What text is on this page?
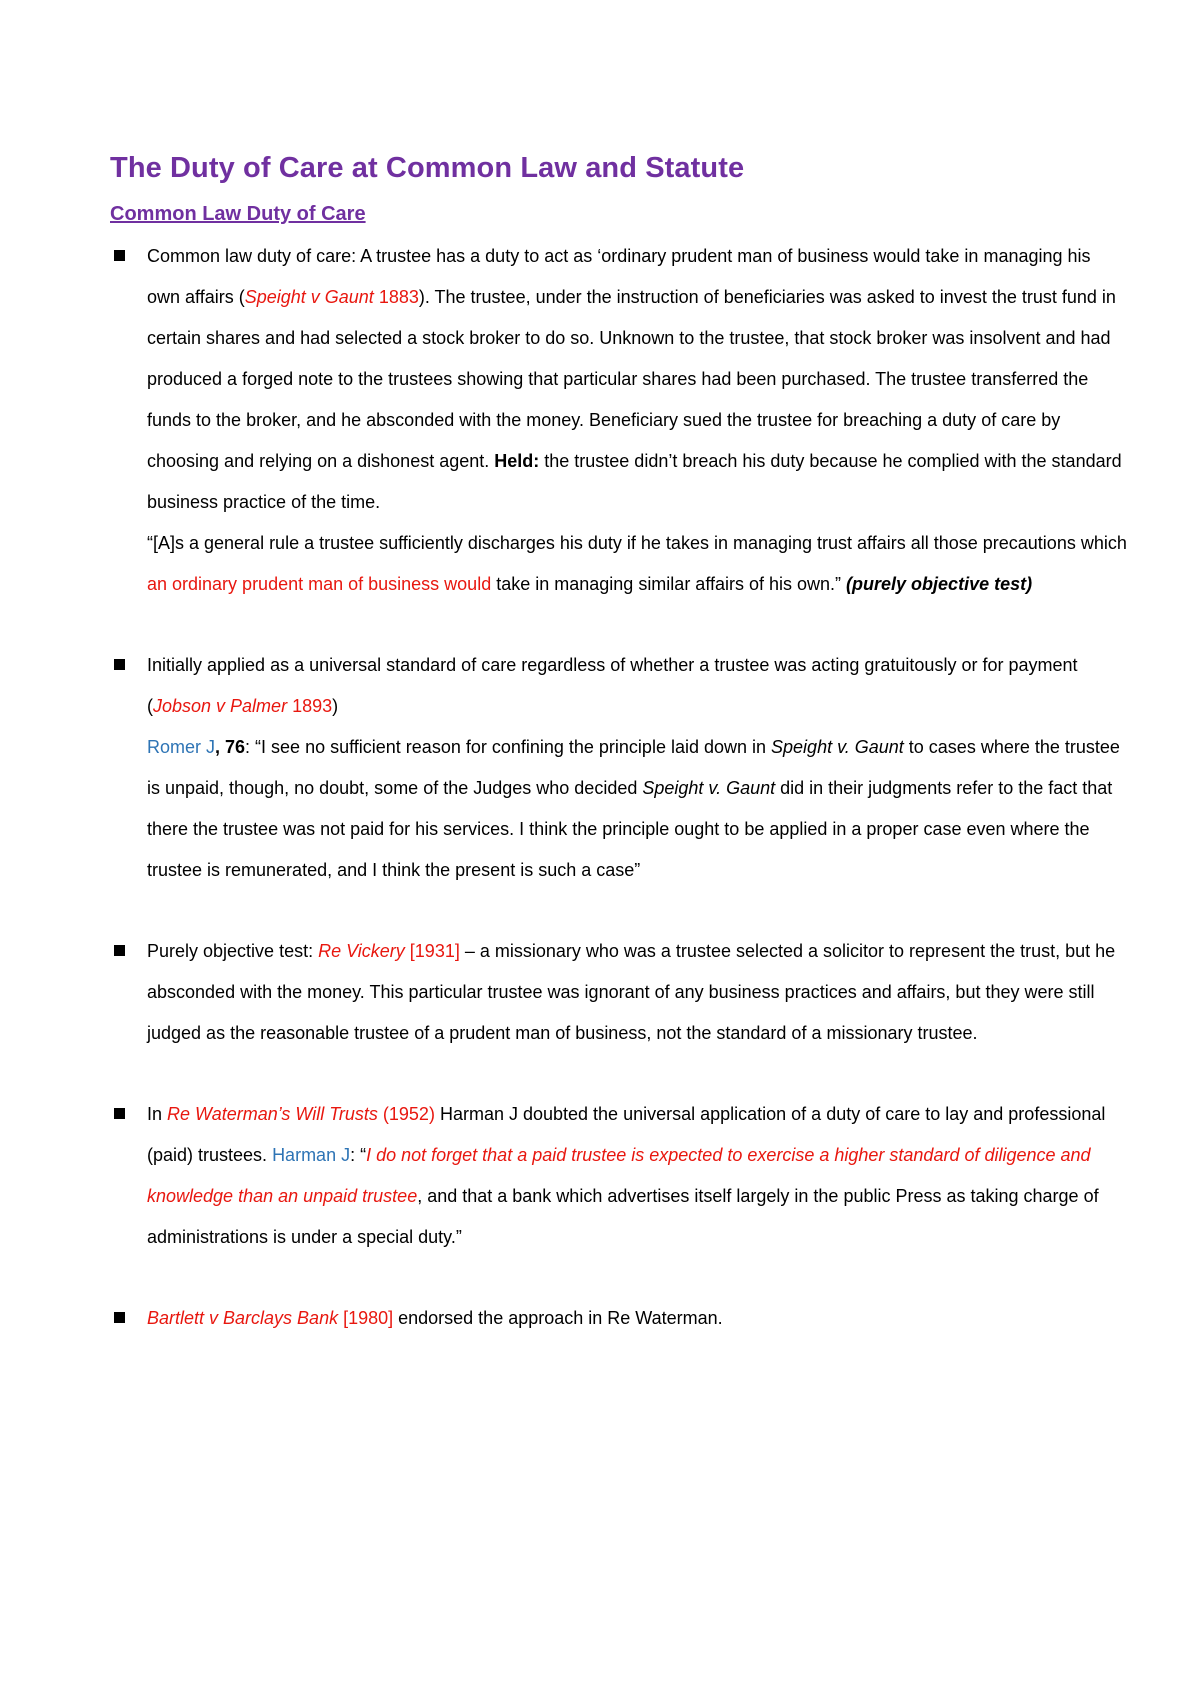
The Duty of Care at Common Law and Statute
Common Law Duty of Care

Common law duty of care: A trustee has a duty to act as ‘ordinary prudent man of business would take in managing his own affairs (Speight v Gaunt 1883). The trustee, under the instruction of beneficiaries was asked to invest the trust fund in certain shares and had selected a stock broker to do so. Unknown to the trustee, that stock broker was insolvent and had produced a forged note to the trustees showing that particular shares had been purchased. The trustee transferred the funds to the broker, and he absconded with the money. Beneficiary sued the trustee for breaching a duty of care by choosing and relying on a dishonest agent. Held: the trustee didn’t breach his duty because he complied with the standard business practice of the time.

“[A]s a general rule a trustee sufficiently discharges his duty if he takes in managing trust affairs all those precautions which an ordinary prudent man of business would take in managing similar affairs of his own.” (purely objective test)

Initially applied as a universal standard of care regardless of whether a trustee was acting gratuitously or for payment (Jobson v Palmer 1893)

Romer J, 76: “I see no sufficient reason for confining the principle laid down in Speight v. Gaunt to cases where the trustee is unpaid, though, no doubt, some of the Judges who decided Speight v. Gaunt did in their judgments refer to the fact that there the trustee was not paid for his services. I think the principle ought to be applied in a proper case even where the trustee is remunerated, and I think the present is such a case”

Purely objective test: Re Vickery [1931] – a missionary who was a trustee selected a solicitor to represent the trust, but he absconded with the money. This particular trustee was ignorant of any business practices and affairs, but they were still judged as the reasonable trustee of a prudent man of business, not the standard of a missionary trustee.

In Re Waterman’s Will Trusts (1952) Harman J doubted the universal application of a duty of care to lay and professional (paid) trustees. Harman J: “I do not forget that a paid trustee is expected to exercise a higher standard of diligence and knowledge than an unpaid trustee, and that a bank which advertises itself largely in the public Press as taking charge of administrations is under a special duty.”

Bartlett v Barclays Bank [1980] endorsed the approach in Re Waterman.
